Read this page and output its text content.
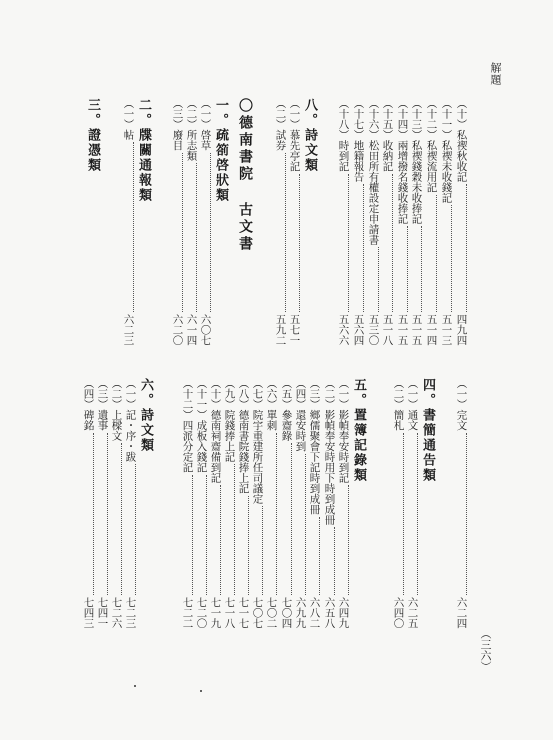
解題
（三六）
（十）私禊秋收記
四九四
（十一）私禊未收錢記
五一三
（十二）私禊流用記
五一四
（十三）私禊錢穀未收捧記
五一五
（十四）兩增撥名錢收捧記
五一五
（十五）收納記
五一八
（十六）松田所有權設定申請書
五三〇
（十七）地籍報告
五六四
（十八）時到記
五六六
八。詩文類
（一）慕先亭記
五七一
（二）試券
五九二
〇德南書院 古文書
一。疏箚啓狀類
（一）啓草
六〇七
（二）所志類
六一四
（三）廢目
六二〇
二。牒關通報類
（一）帖
六二三
三。證憑類
（一）完文
六二四
四。書簡通告類
（一）通文
六二五
（二）簡札
六四〇
五。置簿記錄類
（一）影幀奉安時到記
六四九
（二）影幀奉安時用下時到成冊
六五八
（三）鄉儒聚會下記時到成冊
六八二
（四）還安時到
六九九
（五）參齋錄
七〇四
（六）單刺
七〇二
（七）院宇重建所任司議定
七〇七
（八）德南書院錢捧上記
七一七
（九）院錢捧上記
七一八
（十）德南祠齋備到記
七一九
（十一）成板入錢記
七二〇
（十二）四派分定記
七二二
六。詩文類
（一）記・序・跋
七二三
（二）上樑文
七二六
（三）遺事
七四一
（四）碑銘
七四三
